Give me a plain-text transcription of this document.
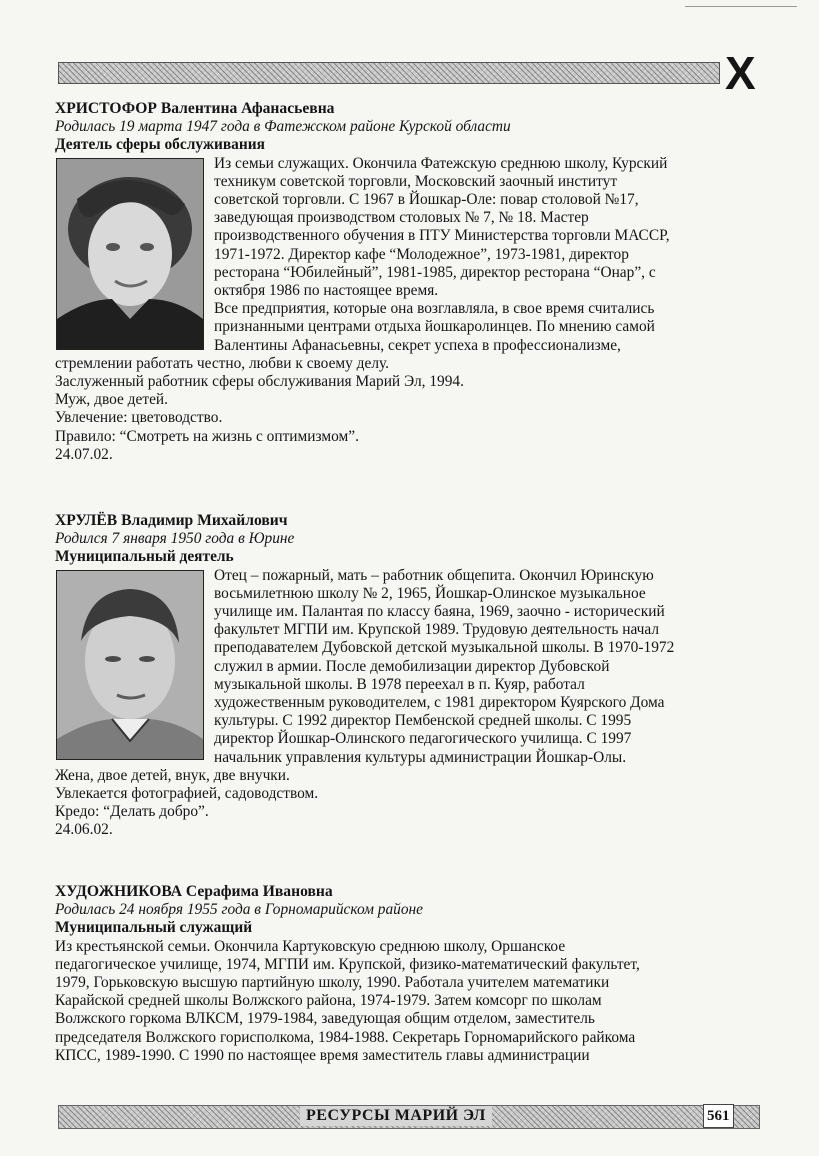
Х
ХРИСТОФОР Валентина Афанасьевна
Родилась 19 марта 1947 года в Фатежском районе Курской области
Деятель сферы обслуживания
Из семьи служащих. Окончила Фатежскую среднюю школу, Курский
техникум советской торговли, Московский заочный институт
советской торговли. С 1967 в Йошкар-Оле: повар столовой №17,
заведующая производством столовых № 7, № 18. Мастер
производственного обучения в ПТУ Министерства торговли МАССР,
1971-1972. Директор кафе “Молодежное”, 1973-1981, директор
ресторана “Юбилейный”, 1981-1985, директор ресторана “Онар”, с
октября 1986 по настоящее время.
Все предприятия, которые она возглавляла, в свое время считались
признанными центрами отдыха йошкаролинцев. По мнению самой
Валентины Афанасьевны, секрет успеха в профессионализме,
стремлении работать честно, любви к своему делу.
Заслуженный работник сферы обслуживания Марий Эл, 1994.
Муж, двое детей.
Увлечение: цветоводство.
Правило: “Смотреть на жизнь с оптимизмом”.
24.07.02.
ХРУЛЁВ Владимир Михайлович
Родился 7 января 1950 года в Юрине
Муниципальный деятель
Отец – пожарный, мать – работник общепита. Окончил Юринскую
восьмилетнюю школу № 2, 1965, Йошкар-Олинское музыкальное
училище им. Палантая по классу баяна, 1969, заочно - исторический
факультет МГПИ им. Крупской 1989. Трудовую деятельность начал
преподавателем Дубовской детской музыкальной школы. В 1970-1972
служил в армии. После демобилизации директор Дубовской
музыкальной школы. В 1978 переехал в п. Куяр, работал
художественным руководителем, с 1981 директором Куярского Дома
культуры. С 1992 директор Пембенской средней школы. С 1995
директор Йошкар-Олинского педагогического училища. С 1997
начальник управления культуры администрации Йошкар-Олы.
Жена, двое детей, внук, две внучки.
Увлекается фотографией, садоводством.
Кредо: “Делать добро”.
24.06.02.
ХУДОЖНИКОВА Серафима Ивановна
Родилась 24 ноября 1955 года в Горномарийском районе
Муниципальный служащий
Из крестьянской семьи. Окончила Картуковскую среднюю школу, Оршанское
педагогическое училище, 1974, МГПИ им. Крупской, физико-математический факультет,
1979, Горьковскую высшую партийную школу, 1990. Работала учителем математики
Карайской средней школы Волжского района, 1974-1979. Затем комсорг по школам
Волжского горкома ВЛКСМ, 1979-1984, заведующая общим отделом, заместитель
председателя Волжского горисполкома, 1984-1988. Секретарь Горномарийского райкома
КПСС, 1989-1990. С 1990 по настоящее время заместитель главы администрации
РЕСУРСЫ МАРИЙ ЭЛ	561
